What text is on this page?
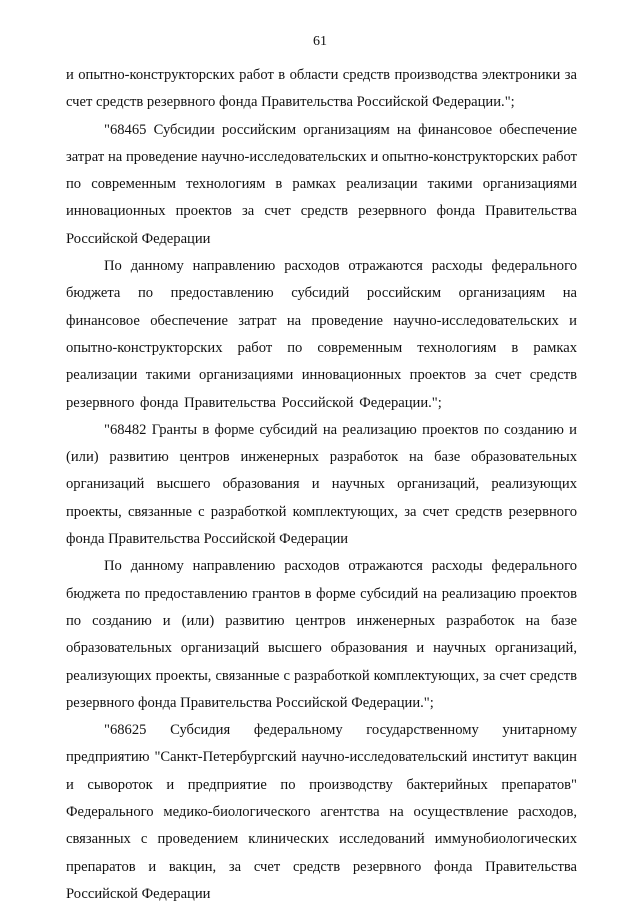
61

и опытно-конструкторских работ в области средств производства электроники за счет средств резервного фонда Правительства Российской Федерации.";

"68465 Субсидии российским организациям на финансовое обеспечение затрат на проведение научно-исследовательских и опытно-конструкторских работ по современным технологиям в рамках реализации такими организациями инновационных проектов за счет средств резервного фонда Правительства Российской Федерации

По данному направлению расходов отражаются расходы федерального бюджета по предоставлению субсидий российским организациям на финансовое обеспечение затрат на проведение научно-исследовательских и опытно-конструкторских работ по современным технологиям в рамках реализации такими организациями инновационных проектов за счет средств резервного фонда Правительства Российской Федерации.";

"68482 Гранты в форме субсидий на реализацию проектов по созданию и (или) развитию центров инженерных разработок на базе образовательных организаций высшего образования и научных организаций, реализующих проекты, связанные с разработкой комплектующих, за счет средств резервного фонда Правительства Российской Федерации

По данному направлению расходов отражаются расходы федерального бюджета по предоставлению грантов в форме субсидий на реализацию проектов по созданию и (или) развитию центров инженерных разработок на базе образовательных организаций высшего образования и научных организаций, реализующих проекты, связанные с разработкой комплектующих, за счет средств резервного фонда Правительства Российской Федерации.";

"68625 Субсидия федеральному государственному унитарному предприятию "Санкт-Петербургский научно-исследовательский институт вакцин и сывороток и предприятие по производству бактерийных препаратов" Федерального медико-биологического агентства на осуществление расходов, связанных с проведением клинических исследований иммунобиологических препаратов и вакцин, за счет средств резервного фонда Правительства Российской Федерации
